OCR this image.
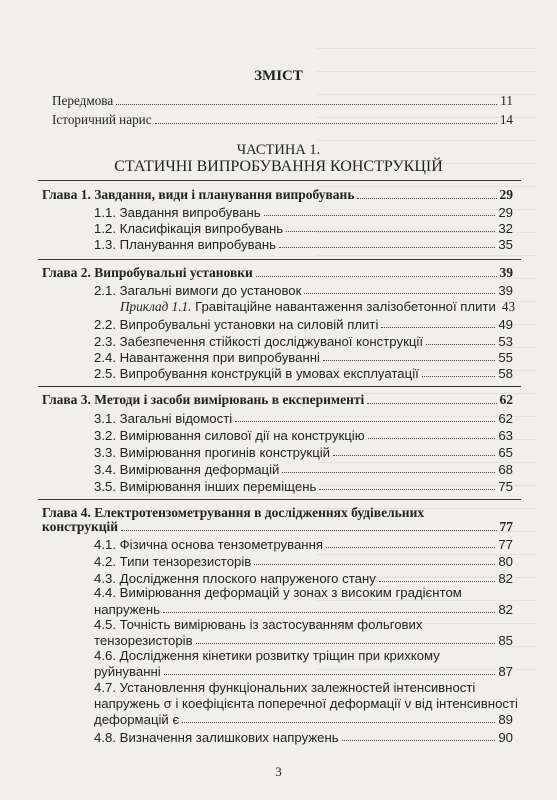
ЗМІСТ
Передмова	11
Історичний нарис	14
ЧАСТИНА 1.
СТАТИЧНІ ВИПРОБУВАННЯ КОНСТРУКЦІЙ
Глава 1. Завдання, види і планування випробувань	29
1.1. Завдання випробувань	29
1.2. Класифікація випробувань	32
1.3. Планування випробувань	35
Глава 2. Випробувальні установки	39
2.1. Загальні вимоги до установок	39
Приклад 1.1. Гравітаційне навантаження залізобетонної плити 43
2.2. Випробувальні установки на силовій плиті	49
2.3. Забезпечення стійкості досліджуваної конструкції	53
2.4. Навантаження при випробуванні	55
2.5. Випробування конструкцій в умовах експлуатації	58
Глава 3. Методи і засоби вимірювань в експерименті	62
3.1. Загальні відомості	62
3.2. Вимірювання силової дії на конструкцію	63
3.3. Вимірювання прогинів конструкцій	65
3.4. Вимірювання деформацій	68
3.5. Вимірювання інших переміщень	75
Глава 4. Електротензометрування в дослідженнях будівельних
конструкцій	77
4.1. Фізична основа тензометрування	77
4.2. Типи тензорезисторів	80
4.3. Дослідження плоского напруженого стану	82
4.4. Вимірювання деформацій у зонах з високим градієнтом
напружень	82
4.5. Точність вимірювань із застосуванням фольгових
тензорезисторів	85
4.6. Дослідження кінетики розвитку тріщин при крихкому
руйнуванні	87
4.7. Установлення функціональних залежностей інтенсивності
напружень σ і коефіцієнта поперечної деформації ν від інтенсивності
деформацій є	89
4.8. Визначення залишкових напружень	90
3
